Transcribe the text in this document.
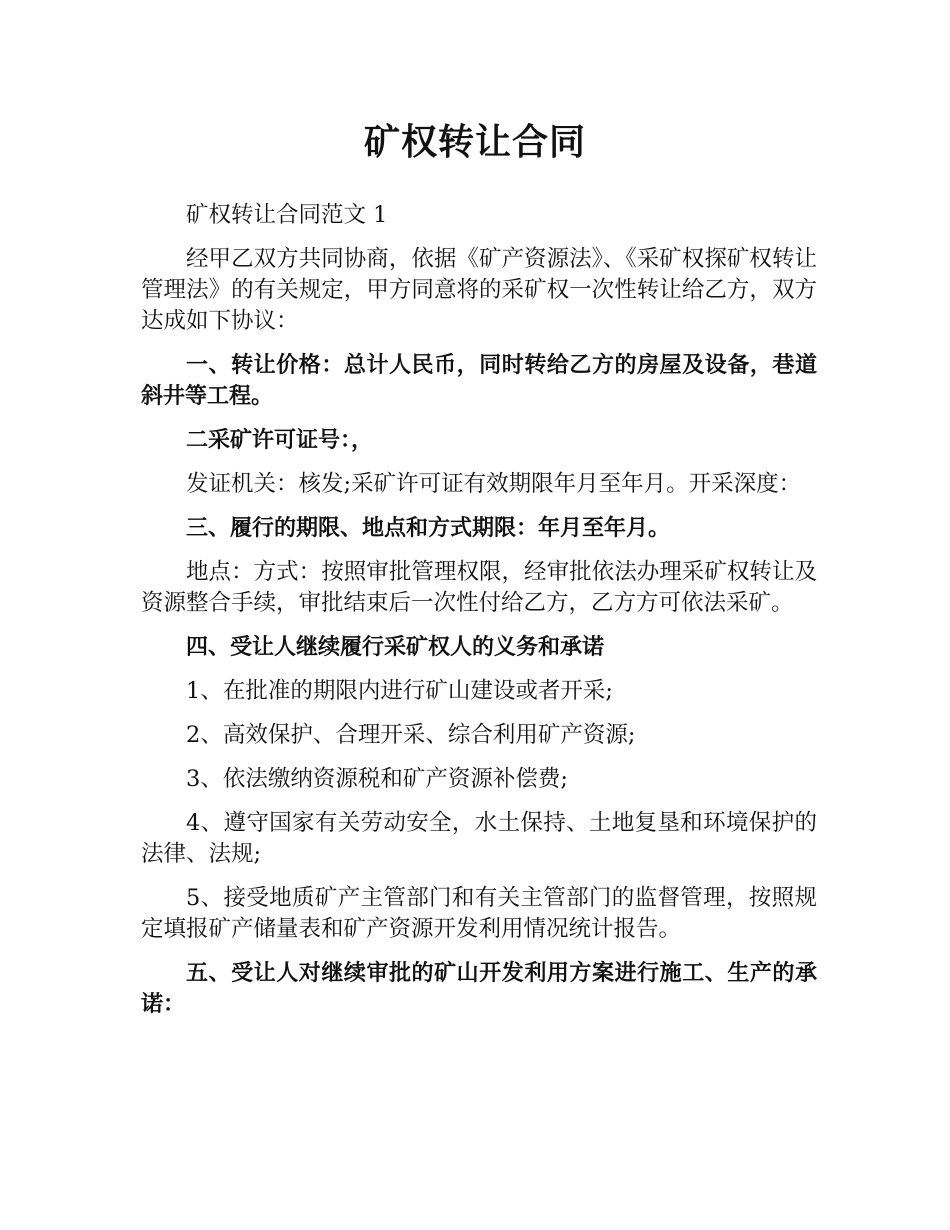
矿权转让合同

矿权转让合同范文 1

经甲乙双方共同协商，依据《矿产资源法》、《采矿权探矿权转让管理法》的有关规定，甲方同意将的采矿权一次性转让给乙方，双方达成如下协议：

一、转让价格：总计人民币，同时转给乙方的房屋及设备，巷道斜井等工程。

二采矿许可证号：，

发证机关：核发;采矿许可证有效期限年月至年月。开采深度：

三、履行的期限、地点和方式期限：年月至年月。

地点：方式：按照审批管理权限，经审批依法办理采矿权转让及资源整合手续，审批结束后一次性付给乙方，乙方方可依法采矿。

四、受让人继续履行采矿权人的义务和承诺

1、在批准的期限内进行矿山建设或者开采;

2、高效保护、合理开采、综合利用矿产资源;

3、依法缴纳资源税和矿产资源补偿费;

4、遵守国家有关劳动安全，水土保持、土地复垦和环境保护的法律、法规;

5、接受地质矿产主管部门和有关主管部门的监督管理，按照规定填报矿产储量表和矿产资源开发利用情况统计报告。

五、受让人对继续审批的矿山开发利用方案进行施工、生产的承诺：
